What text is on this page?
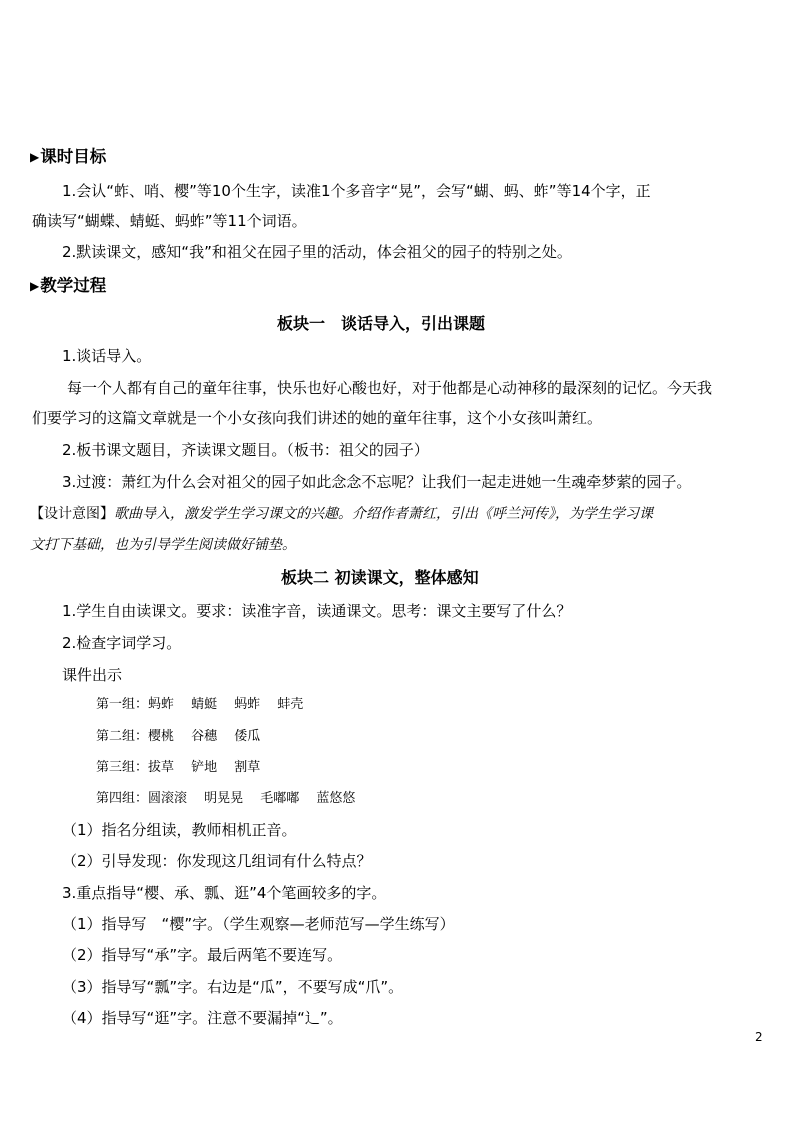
▶课时目标
1.会认“蚱、哨、樱”等10个生字，读准1个多音字“晃”，会写“蝴、蚂、蚱”等14个字，正
确读写“蝴蝶、蜻蜓、蚂蚱”等11个词语。
2.默读课文，感知“我”和祖父在园子里的活动，体会祖父的园子的特别之处。
▶教学过程
板块一　谈话导入，引出课题
1.谈话导入。
每一个人都有自己的童年往事，快乐也好心酸也好，对于他都是心动神移的最深刻的记忆。今天我
们要学习的这篇文章就是一个小女孩向我们讲述的她的童年往事，这个小女孩叫萧红。
2.板书课文题目，齐读课文题目。（板书：祖父的园子）
3.过渡：萧红为什么会对祖父的园子如此念念不忘呢？让我们一起走进她一生魂牵梦萦的园子。
【设计意图】歌曲导入，激发学生学习课文的兴趣。介绍作者萧红，引出《呼兰河传》，为学生学习课
文打下基础，也为引导学生阅读做好铺垫。
板块二 初读课文，整体感知
1.学生自由读课文。要求：读准字音，读通课文。思考：课文主要写了什么？
2.检查字词学习。
课件出示
第一组：蚂蚱　 蜻蜓　 蚂蚱　 蚌壳
第二组：樱桃　 谷穗　 倭瓜
第三组：拔草　 铲地　 割草
第四组：圆滚滚　 明晃晃　 毛嘟嘟　 蓝悠悠
（1）指名分组读，教师相机正音。
（2）引导发现：你发现这几组词有什么特点？
3.重点指导“樱、承、瓢、逛”4个笔画较多的字。
（1）指导写　“樱”字。（学生观察—老师范写—学生练写）
（2）指导写“承”字。最后两笔不要连写。
（3）指导写“瓢”字。右边是“瓜”，不要写成“爪”。
（4）指导写“逛”字。注意不要漏掉“辶”。
2
